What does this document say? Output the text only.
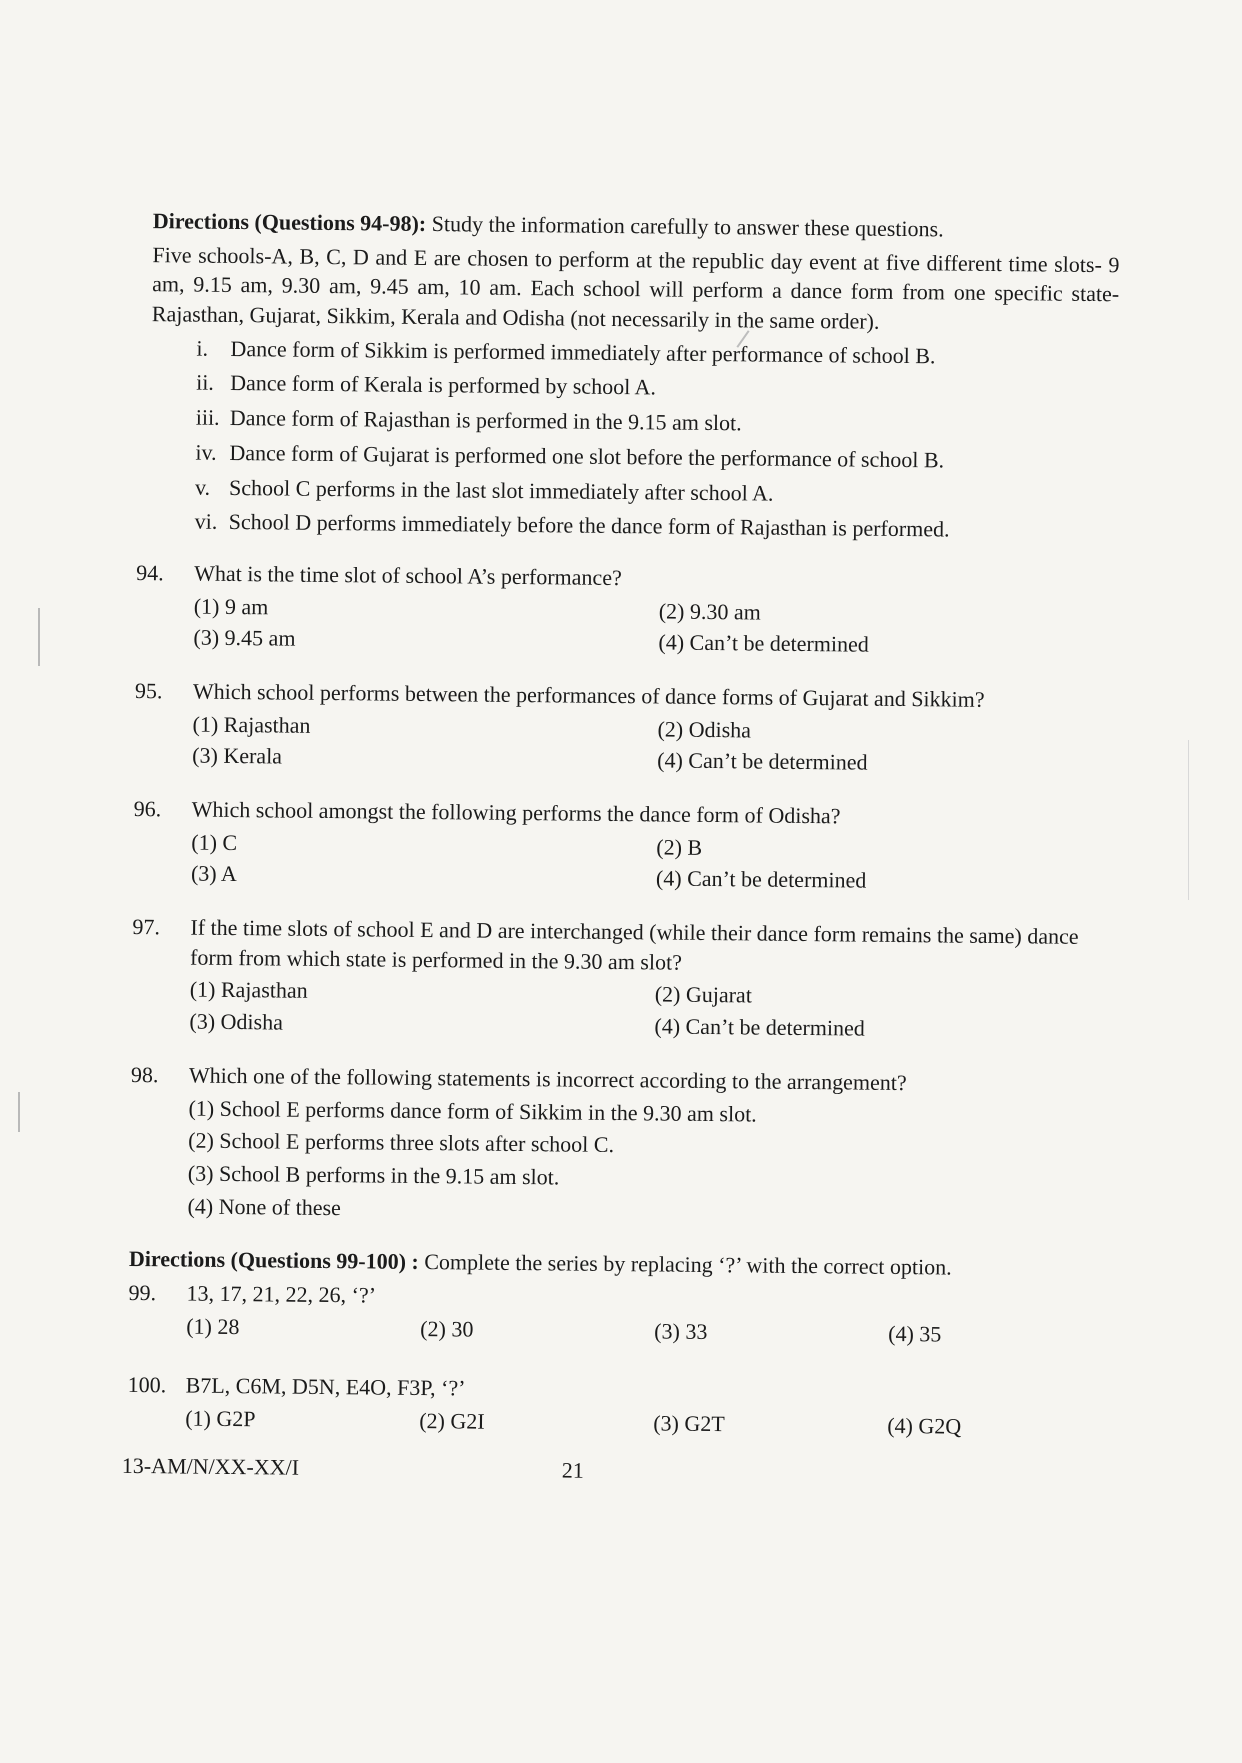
Directions (Questions 94-98): Study the information carefully to answer these questions.
Five schools-A, B, C, D and E are chosen to perform at the republic day event at five different time slots- 9 am, 9.15 am, 9.30 am, 9.45 am, 10 am. Each school will perform a dance form from one specific state-Rajasthan, Gujarat, Sikkim, Kerala and Odisha (not necessarily in the same order).
i.	Dance form of Sikkim is performed immediately after performance of school B.
ii. Dance form of Kerala is performed by school A.
iii. Dance form of Rajasthan is performed in the 9.15 am slot.
iv. Dance form of Gujarat is performed one slot before the performance of school B.
v. School C performs in the last slot immediately after school A.
vi. School D performs immediately before the dance form of Rajasthan is performed.
94.	What is the time slot of school A’s performance?
(1) 9 am	(2) 9.30 am
(3) 9.45 am	(4) Can’t be determined
95.	Which school performs between the performances of dance forms of Gujarat and Sikkim?
(1) Rajasthan	(2) Odisha
(3) Kerala	(4) Can’t be determined
96.	Which school amongst the following performs the dance form of Odisha?
(1) C	(2) B
(3) A	(4) Can’t be determined
97.	If the time slots of school E and D are interchanged (while their dance form remains the same) dance form from which state is performed in the 9.30 am slot?
(1) Rajasthan	(2) Gujarat
(3) Odisha	(4) Can’t be determined
98.	Which one of the following statements is incorrect according to the arrangement?
(1) School E performs dance form of Sikkim in the 9.30 am slot.
(2) School E performs three slots after school C.
(3) School B performs in the 9.15 am slot.
(4) None of these
Directions (Questions 99-100) : Complete the series by replacing ‘?’ with the correct option.
99.	13, 17, 21, 22, 26, ‘?’
(1) 28	(2) 30	(3) 33	(4) 35
100. B7L, C6M, D5N, E4O, F3P, ‘?’
(1) G2P	(2) G2I	(3) G2T	(4) G2Q
13-AM/N/XX-XX/I	21
